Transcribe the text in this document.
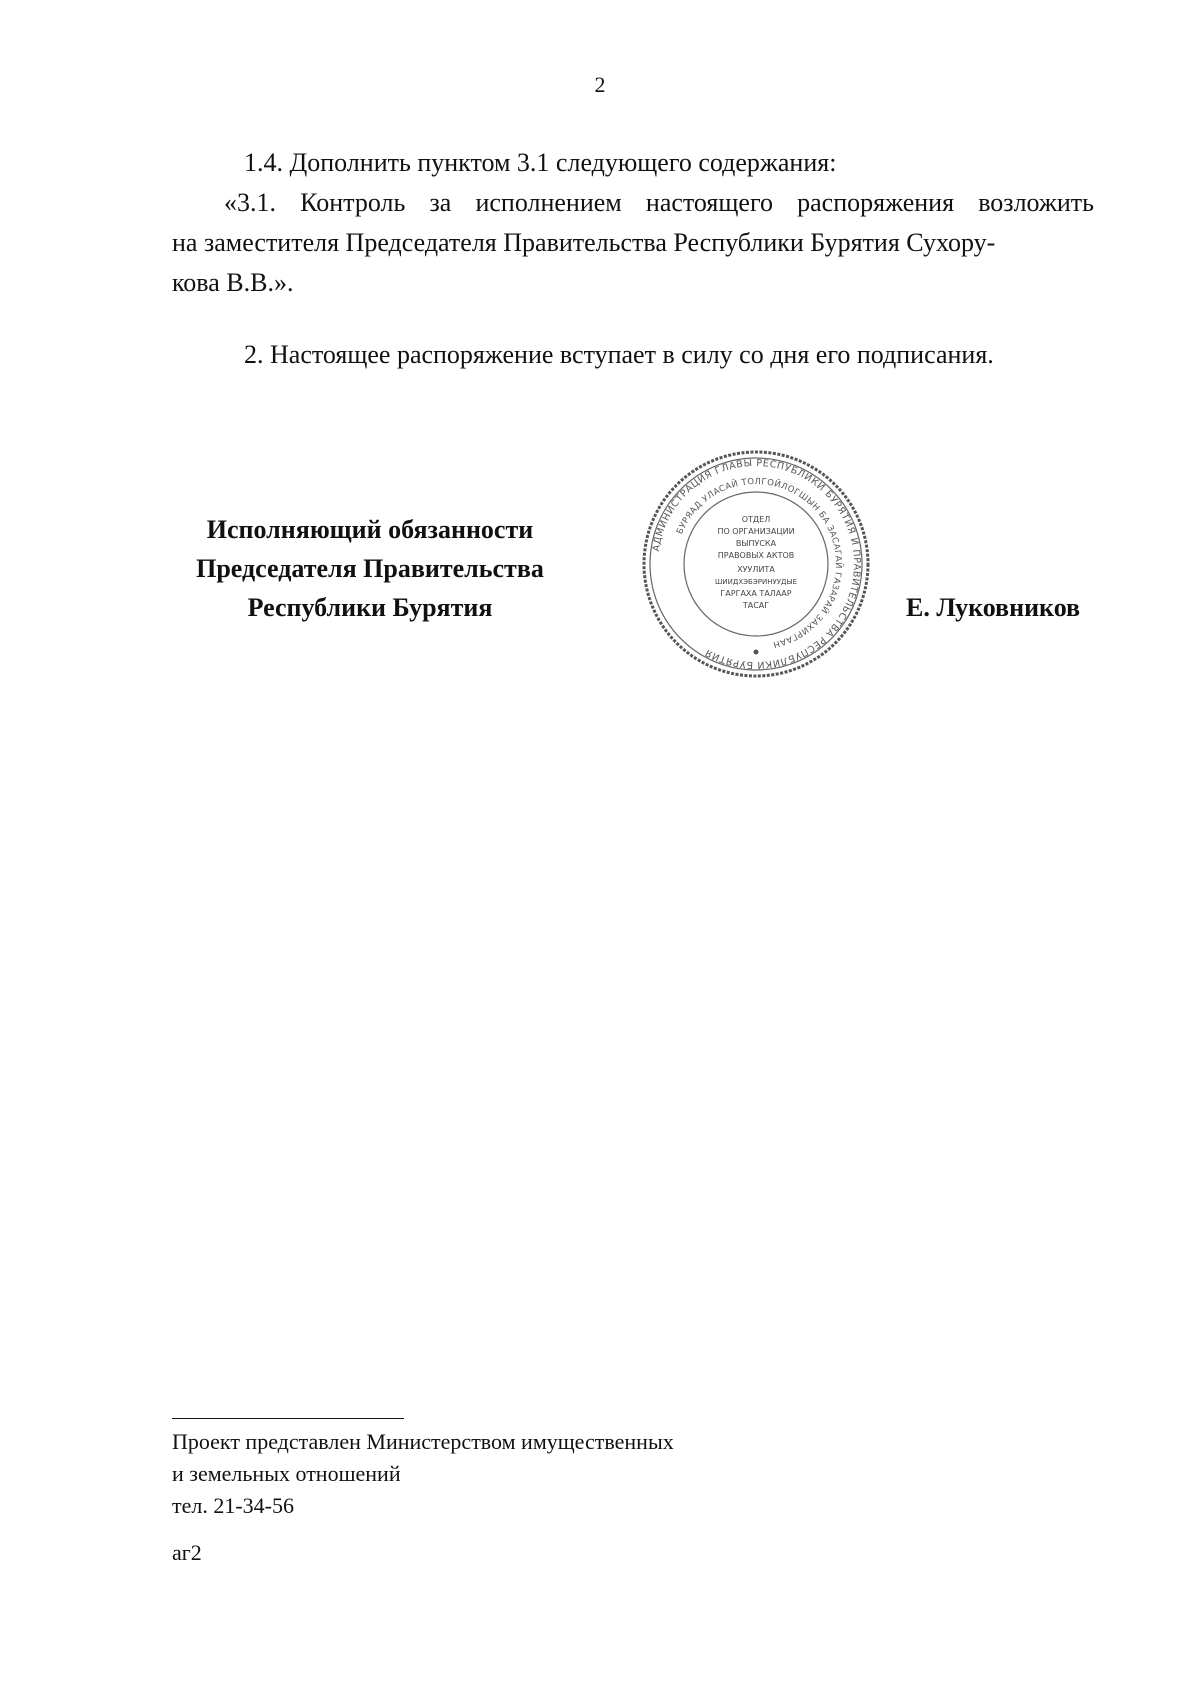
2
1.4. Дополнить пунктом 3.1 следующего содержания:
«3.1. Контроль за исполнением настоящего распоряжения возложить
на заместителя Председателя Правительства Республики Бурятия Сухору-
кова В.В.».
2. Настоящее распоряжение вступает в силу со дня его подписания.
Исполняющий обязанности
Председателя Правительства
Республики Бурятия
АДМИНИСТРАЦИЯ ГЛАВЫ РЕСПУБЛИКИ БУРЯТИЯ И ПРАВИТЕЛЬСТВА РЕСПУБЛИКИ БУРЯТИЯ
БУРЯАД УЛАСАЙ ТОЛГОЙЛОГШЫН БА ЗАСАГАЙ ГАЗАРАЙ ЗАХИРГААН
ОТДЕЛ
ПО ОРГАНИЗАЦИИ
ВЫПУСКА
ПРАВОВЫХ АКТОВ
ХУУЛИТА
ШИИДХЭБЭРИНУУДЫЕ
ГАРГАХА ТАЛААР
ТАСАГ	Е. Луковников
Проект представлен Министерством имущественных
и земельных отношений
тел. 21-34-56
аг2
